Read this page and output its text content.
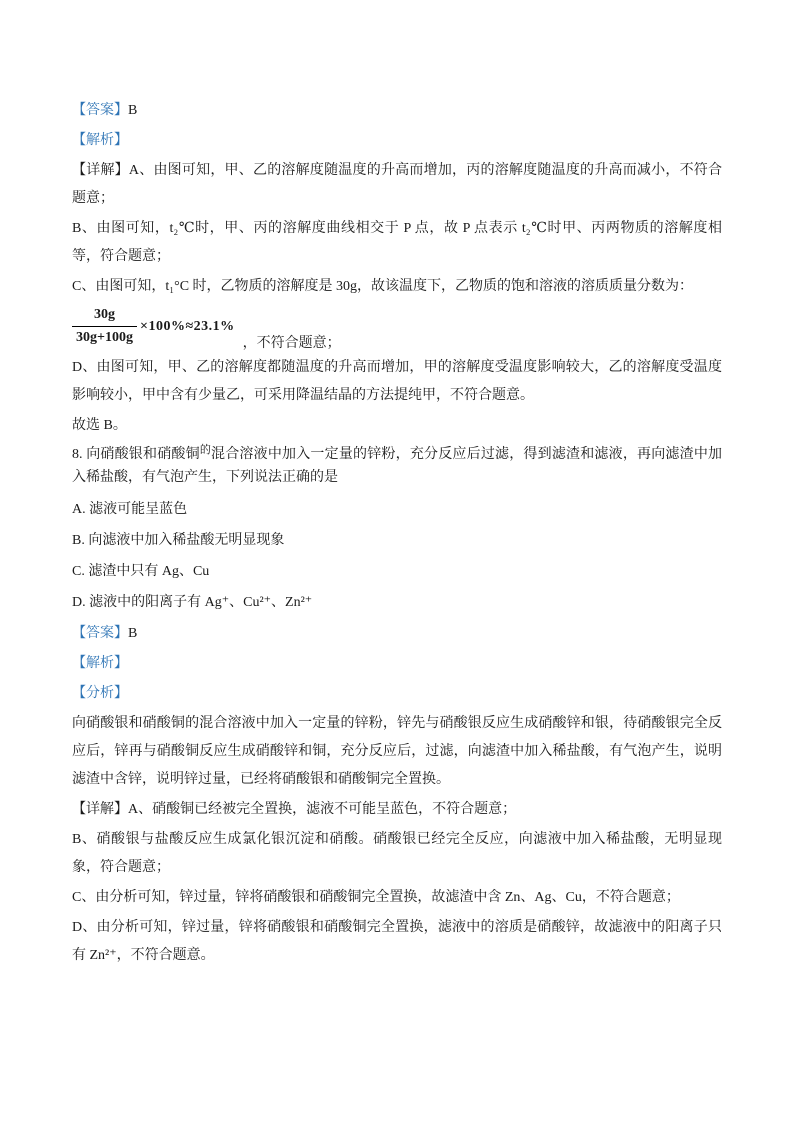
【答案】B

【解析】

【详解】A、由图可知，甲、乙的溶解度随温度的升高而增加，丙的溶解度随温度的升高而减小，不符合题意；

B、由图可知，t₂℃时，甲、丙的溶解度曲线相交于 P 点，故 P 点表示 t₂℃时甲、丙两物质的溶解度相等，符合题意；

C、由图可知，t₁°C 时，乙物质的溶解度是 30g，故该温度下，乙物质的饱和溶液的溶质质量分数为：

$\frac{30g}{30g+100g} \times 100\%\approx 23.1\%$
，不符合题意；

D、由图可知，甲、乙的溶解度都随温度的升高而增加，甲的溶解度受温度影响较大，乙的溶解度受温度影响较小，甲中含有少量乙，可采用降温结晶的方法提纯甲，不符合题意。

故选 B。

8. 向硝酸银和硝酸铜$^的$混合溶液中加入一定量的锌粉，充分反应后过滤，得到滤渣和滤液，再向滤渣中加入稀盐酸，有气泡产生，下列说法正确的是

A. 滤液可能呈蓝色

B. 向滤液中加入稀盐酸无明显现象

C. 滤渣中只有 Ag、Cu

D. 滤液中的阳离子有 Ag⁺、Cu²⁺、Zn²⁺

【答案】B

【解析】

【分析】

向硝酸银和硝酸铜的混合溶液中加入一定量的锌粉，锌先与硝酸银反应生成硝酸锌和银，待硝酸银完全反应后，锌再与硝酸铜反应生成硝酸锌和铜，充分反应后，过滤，向滤渣中加入稀盐酸，有气泡产生，说明滤渣中含锌，说明锌过量，已经将硝酸银和硝酸铜完全置换。

【详解】A、硝酸铜已经被完全置换，滤液不可能呈蓝色，不符合题意；

B、硝酸银与盐酸反应生成氯化银沉淀和硝酸。硝酸银已经完全反应，向滤液中加入稀盐酸，无明显现象，符合题意；

C、由分析可知，锌过量，锌将硝酸银和硝酸铜完全置换，故滤渣中含 Zn、Ag、Cu，不符合题意；

D、由分析可知，锌过量，锌将硝酸银和硝酸铜完全置换，滤液中的溶质是硝酸锌，故滤液中的阳离子只有 Zn²⁺，不符合题意。
